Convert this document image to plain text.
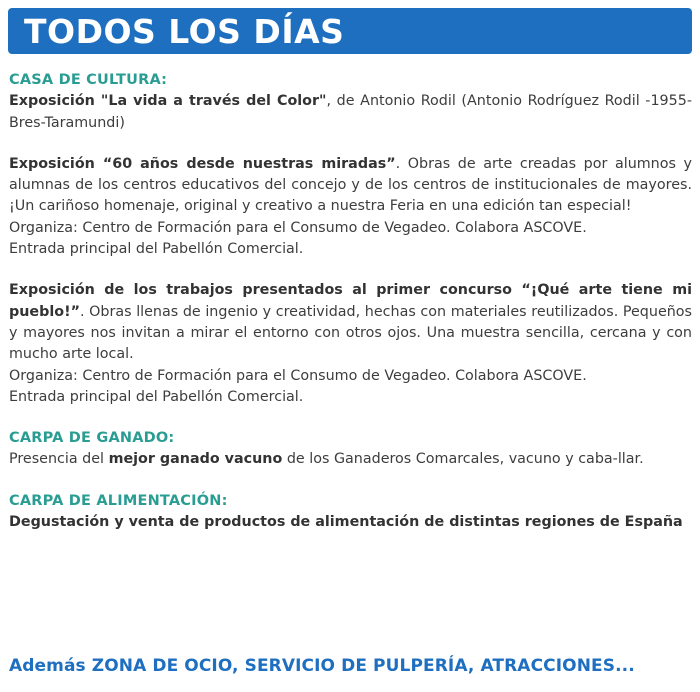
TODOS LOS DÍAS

CASA DE CULTURA:

Exposición "La vida a través del Color", de Antonio Rodil (Antonio Rodríguez Rodil -1955-Bres-Taramundi)

Exposición “60 años desde nuestras miradas”. Obras de arte creadas por alumnos y alumnas de los centros educativos del concejo y de los centros de institucionales de mayores. ¡Un cariñoso homenaje, original y creativo a nuestra Feria en una edición tan especial!

Organiza: Centro de Formación para el Consumo de Vegadeo. Colabora ASCOVE.

Entrada principal del Pabellón Comercial.

Exposición de los trabajos presentados al primer concurso “¡Qué arte tiene mi pueblo!”. Obras llenas de ingenio y creatividad, hechas con materiales reutilizados. Pequeños y mayores nos invitan a mirar el entorno con otros ojos. Una muestra sencilla, cercana y con mucho arte local.

Organiza: Centro de Formación para el Consumo de Vegadeo. Colabora ASCOVE.

Entrada principal del Pabellón Comercial.

CARPA DE GANADO:

Presencia del mejor ganado vacuno de los Ganaderos Comarcales, vacuno y caba-llar.

CARPA DE ALIMENTACIÓN:

Degustación y venta de productos de alimentación de distintas regiones de España

Además ZONA DE OCIO, SERVICIO DE PULPERÍA, ATRACCIONES...
